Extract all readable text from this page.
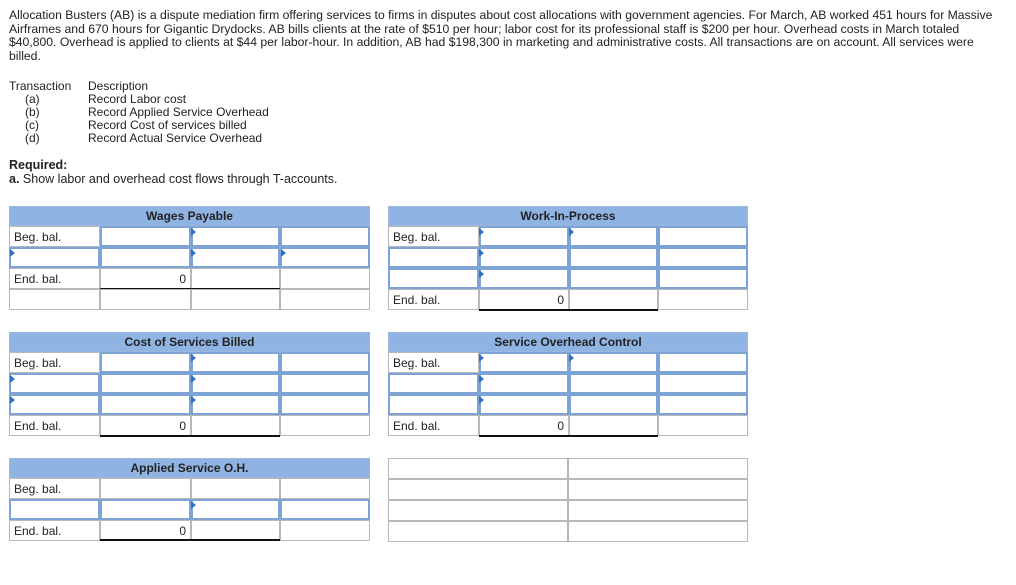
Allocation Busters (AB) is a dispute mediation firm offering services to firms in disputes about cost allocations with government agencies. For March, AB worked 451 hours for Massive Airframes and 670 hours for Gigantic Drydocks. AB bills clients at the rate of $510 per hour; labor cost for its professional staff is $200 per hour. Overhead costs in March totaled $40,800. Overhead is applied to clients at $44 per labor-hour. In addition, AB had $198,300 in marketing and administrative costs. All transactions are on account. All services were billed.

Transaction Description
(a)	Record Labor cost
(b)	Record Applied Service Overhead
(c)	Record Cost of services billed
(d)	Record Actual Service Overhead
Required:
a. Show labor and overhead cost flows through T-accounts.
Wages Payable
Beg. bal.
End. bal.	0
Work-In-Process
Beg. bal.
End. bal.	0
Cost of Services Billed
Beg. bal.
End. bal.	0
Service Overhead Control
Beg. bal.
End. bal.	0
Applied Service O.H.
Beg. bal.
End. bal.	0
